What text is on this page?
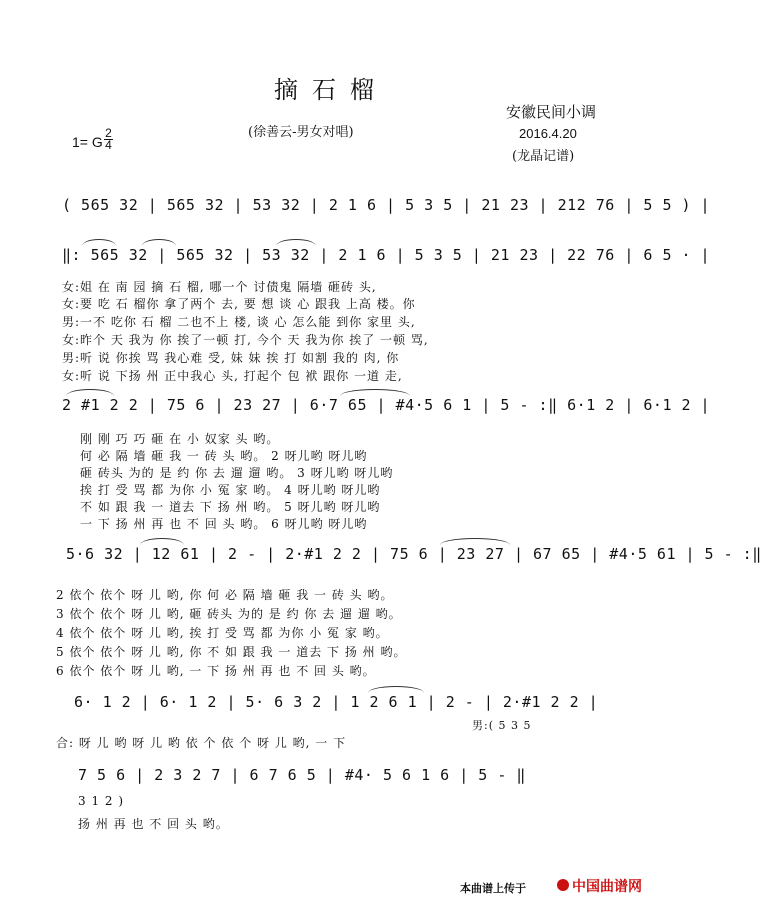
摘石榴
(徐善云-男女对唱)
安徽民间小调
2016.4.20
(龙晶记谱)
1= G
2
4
( 565 32 | 565 32 | 53 32 | 2 1 6 | 5 3 5 | 21 23 | 212 76 | 5 5 ) |
‖: 565 32 | 565 32 | 53 32 | 2 1 6 | 5 3 5 | 21 23 | 22 76 | 6 5 · |
女:姐 在 南 园 摘 石 榴, 哪一个 讨债鬼 隔墙 砸砖 头,
女:要 吃 石 榴你 拿了两个 去, 要 想 谈 心 跟我 上高 楼。你
男:一不 吃你 石 榴 二也不上 楼, 谈 心 怎么能 到你 家里 头,
女:昨个 天 我为 你 挨了一顿 打, 今个 天 我为你 挨了 一顿 骂,
男:听 说 你挨 骂 我心难 受, 妹 妹 挨 打 如割 我的 肉, 你
女:听 说 下扬 州 正中我心 头, 打起个 包 袱 跟你 一道 走,
2 #1 2 2 | 75 6 | 23 27 | 6·7 65 | #4·5 6 1 | 5 - :‖ 6·1 2 | 6·1 2 |
刚 刚 巧 巧 砸 在 小 奴家 头 哟。
何 必 隔 墙 砸 我 一 砖 头 哟。 2 呀儿哟 呀儿哟
砸 砖头 为的 是 约 你 去 遛 遛 哟。 3 呀儿哟 呀儿哟
挨 打 受 骂 都 为你 小 冤 家 哟。 4 呀儿哟 呀儿哟
不 如 跟 我 一 道去 下 扬 州 哟。 5 呀儿哟 呀儿哟
一 下 扬 州 再 也 不 回 头 哟。 6 呀儿哟 呀儿哟
5·6 32 | 12 61 | 2 - | 2·#1 2 2 | 75 6 | 23 27 | 67 65 | #4·5 61 | 5 - :‖
2 依个 依个 呀 儿 哟, 你 何 必 隔 墙 砸 我 一 砖 头 哟。
3 依个 依个 呀 儿 哟, 砸 砖头 为的 是 约 你 去 遛 遛 哟。
4 依个 依个 呀 儿 哟, 挨 打 受 骂 都 为你 小 冤 家 哟。
5 依个 依个 呀 儿 哟, 你 不 如 跟 我 一 道去 下 扬 州 哟。
6 依个 依个 呀 儿 哟, 一 下 扬 州 再 也 不 回 头 哟。
6· 1 2 | 6· 1 2 | 5· 6 3 2 | 1 2 6 1 | 2 - | 2·#1 2 2 |
男:( 5 3 5
合: 呀 儿 哟 呀 儿 哟 依 个 依 个 呀 儿 哟, 一 下
7 5 6 | 2 3 2 7 | 6 7 6 5 | #4· 5 6 1 6 | 5 - ‖
3 1 2 )
扬 州 再 也 不 回 头 哟。
本曲谱上传于	中国曲谱网
